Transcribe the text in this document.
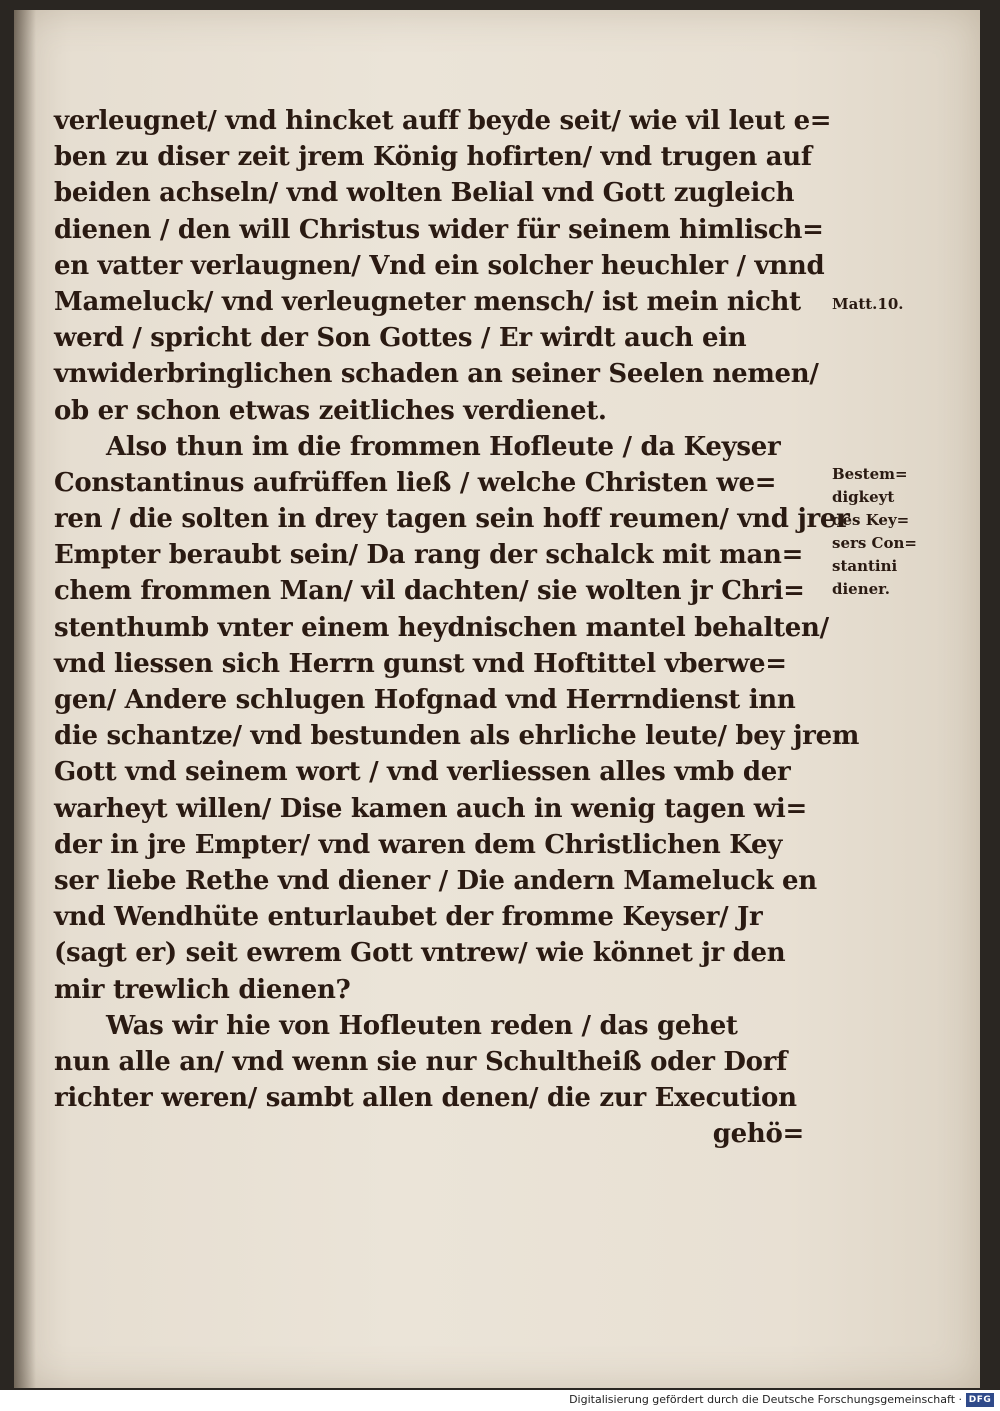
verleugnet/ vnd hincket auff beyde seit/ wie vil leut e=
ben zu diser zeit jrem König hofirten/ vnd trugen auf
beiden achseln/ vnd wolten Belial vnd Gott zugleich
dienen / den will Christus wider für seinem himlisch=
en vatter verlaugnen/ Vnd ein solcher heuchler / vnnd
Mameluck/ vnd verleugneter mensch/ ist mein nicht
werd / spricht der Son Gottes / Er wirdt auch ein
vnwiderbringlichen schaden an seiner Seelen nemen/
ob er schon etwas zeitliches verdienet.
Also thun im die frommen Hofleute / da Keyser
Constantinus aufrüffen ließ / welche Christen we=
ren / die solten in drey tagen sein hoff reumen/ vnd jrer
Empter beraubt sein/ Da rang der schalck mit man=
chem frommen Man/ vil dachten/ sie wolten jr Chri=
stenthumb vnter einem heydnischen mantel behalten/
vnd liessen sich Herrn gunst vnd Hoftittel vberwe=
gen/ Andere schlugen Hofgnad vnd Herrndienst inn
die schantze/ vnd bestunden als ehrliche leute/ bey jrem
Gott vnd seinem wort / vnd verliessen alles vmb der
warheyt willen/ Dise kamen auch in wenig tagen wi=
der in jre Empter/ vnd waren dem Christlichen Key
ser liebe Rethe vnd diener / Die andern Mameluck en
vnd Wendhüte enturlaubet der fromme Keyser/ Jr
(sagt er) seit ewrem Gott vntrew/ wie könnet jr den
mir trewlich dienen?
Was wir hie von Hofleuten reden / das gehet
nun alle an/ vnd wenn sie nur Schultheiß oder Dorf
richter weren/ sambt allen denen/ die zur Execution
gehö=
Matt.10.
Bestem=
digkeyt
des Key=
sers Con=
stantini
diener.
Digitalisierung gefördert durch die Deutsche Forschungsgemeinschaft · DFG
